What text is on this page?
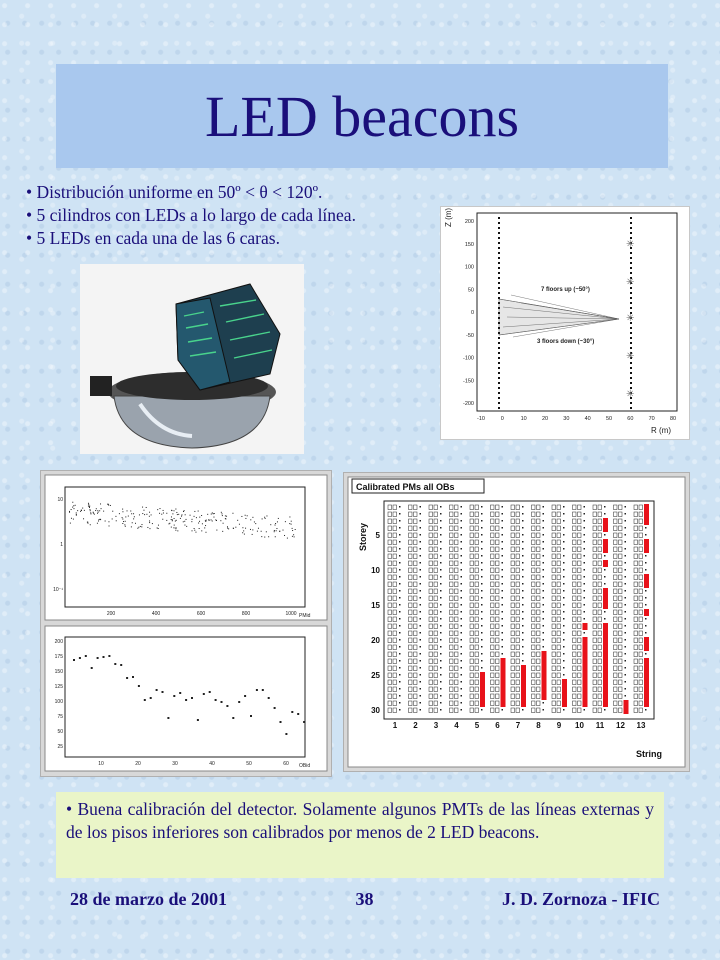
LED beacons
• Distribución uniforme en 50º < θ < 120º.
• 5 cilindros con LEDs a lo largo de cada línea.
• 5 LEDs en cada una de las 6 caras.
200
150
100
50
0
-50
-100
-150
-200
-10	0	10	20	30	40	50	60	70	80
✳
✳
✳
✳
✳
7 floors up (~50°)
3 floors down (~30°)
Z (m)
R (m)
10
1
10⁻¹
200	400	600	800	1000
200
175
150
125
100
75
50
25
10	20	30	40	50	60
PMid
OBid
Calibrated PMs all OBs
Storey
String
5
10
15
20
25
30
1 2 3 4 5 6 7 8 9 10 11 12 13
• Buena calibración del detector. Solamente algunos PMTs de las líneas externas y de los pisos inferiores son calibrados por menos de 2 LED beacons.
28 de marzo de 2001	38	J. D. Zornoza - IFIC
